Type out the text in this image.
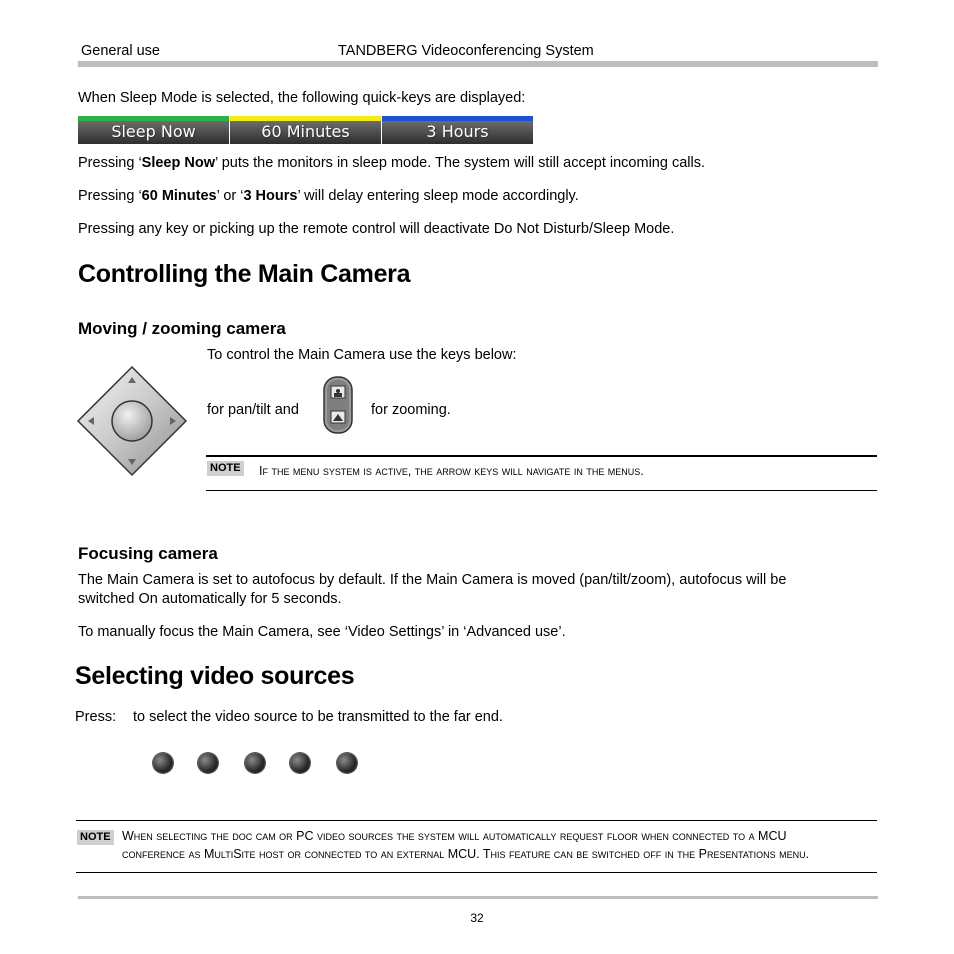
General use	TANDBERG Videoconferencing System
When Sleep Mode is selected, the following quick-keys are displayed:
Sleep Now	60 Minutes	3 Hours
Pressing ‘Sleep Now’ puts the monitors in sleep mode. The system will still accept incoming calls.
Pressing ‘60 Minutes’ or ‘3 Hours’ will delay entering sleep mode accordingly.
Pressing any key or picking up the remote control will deactivate Do Not Disturb/Sleep Mode.
Controlling the Main Camera
Moving / zooming camera
To control the Main Camera use the keys below:
for pan/tilt and	for zooming.
NOTE If the menu system is active, the arrow keys will navigate in the menus.
Focusing camera
The Main Camera is set to autofocus by default. If the Main Camera is moved (pan/tilt/zoom), autofocus will be
switched On automatically for 5 seconds.
To manually focus the Main Camera, see ‘Video Settings’ in ‘Advanced use’.
Selecting video sources
Press: to select the video source to be transmitted to the far end.
NOTE When selecting the doc cam or PC video sources the system will automatically request floor when connected to a MCU
conference as MultiSite host or connected to an external MCU. This feature can be switched off in the Presentations menu.
32
